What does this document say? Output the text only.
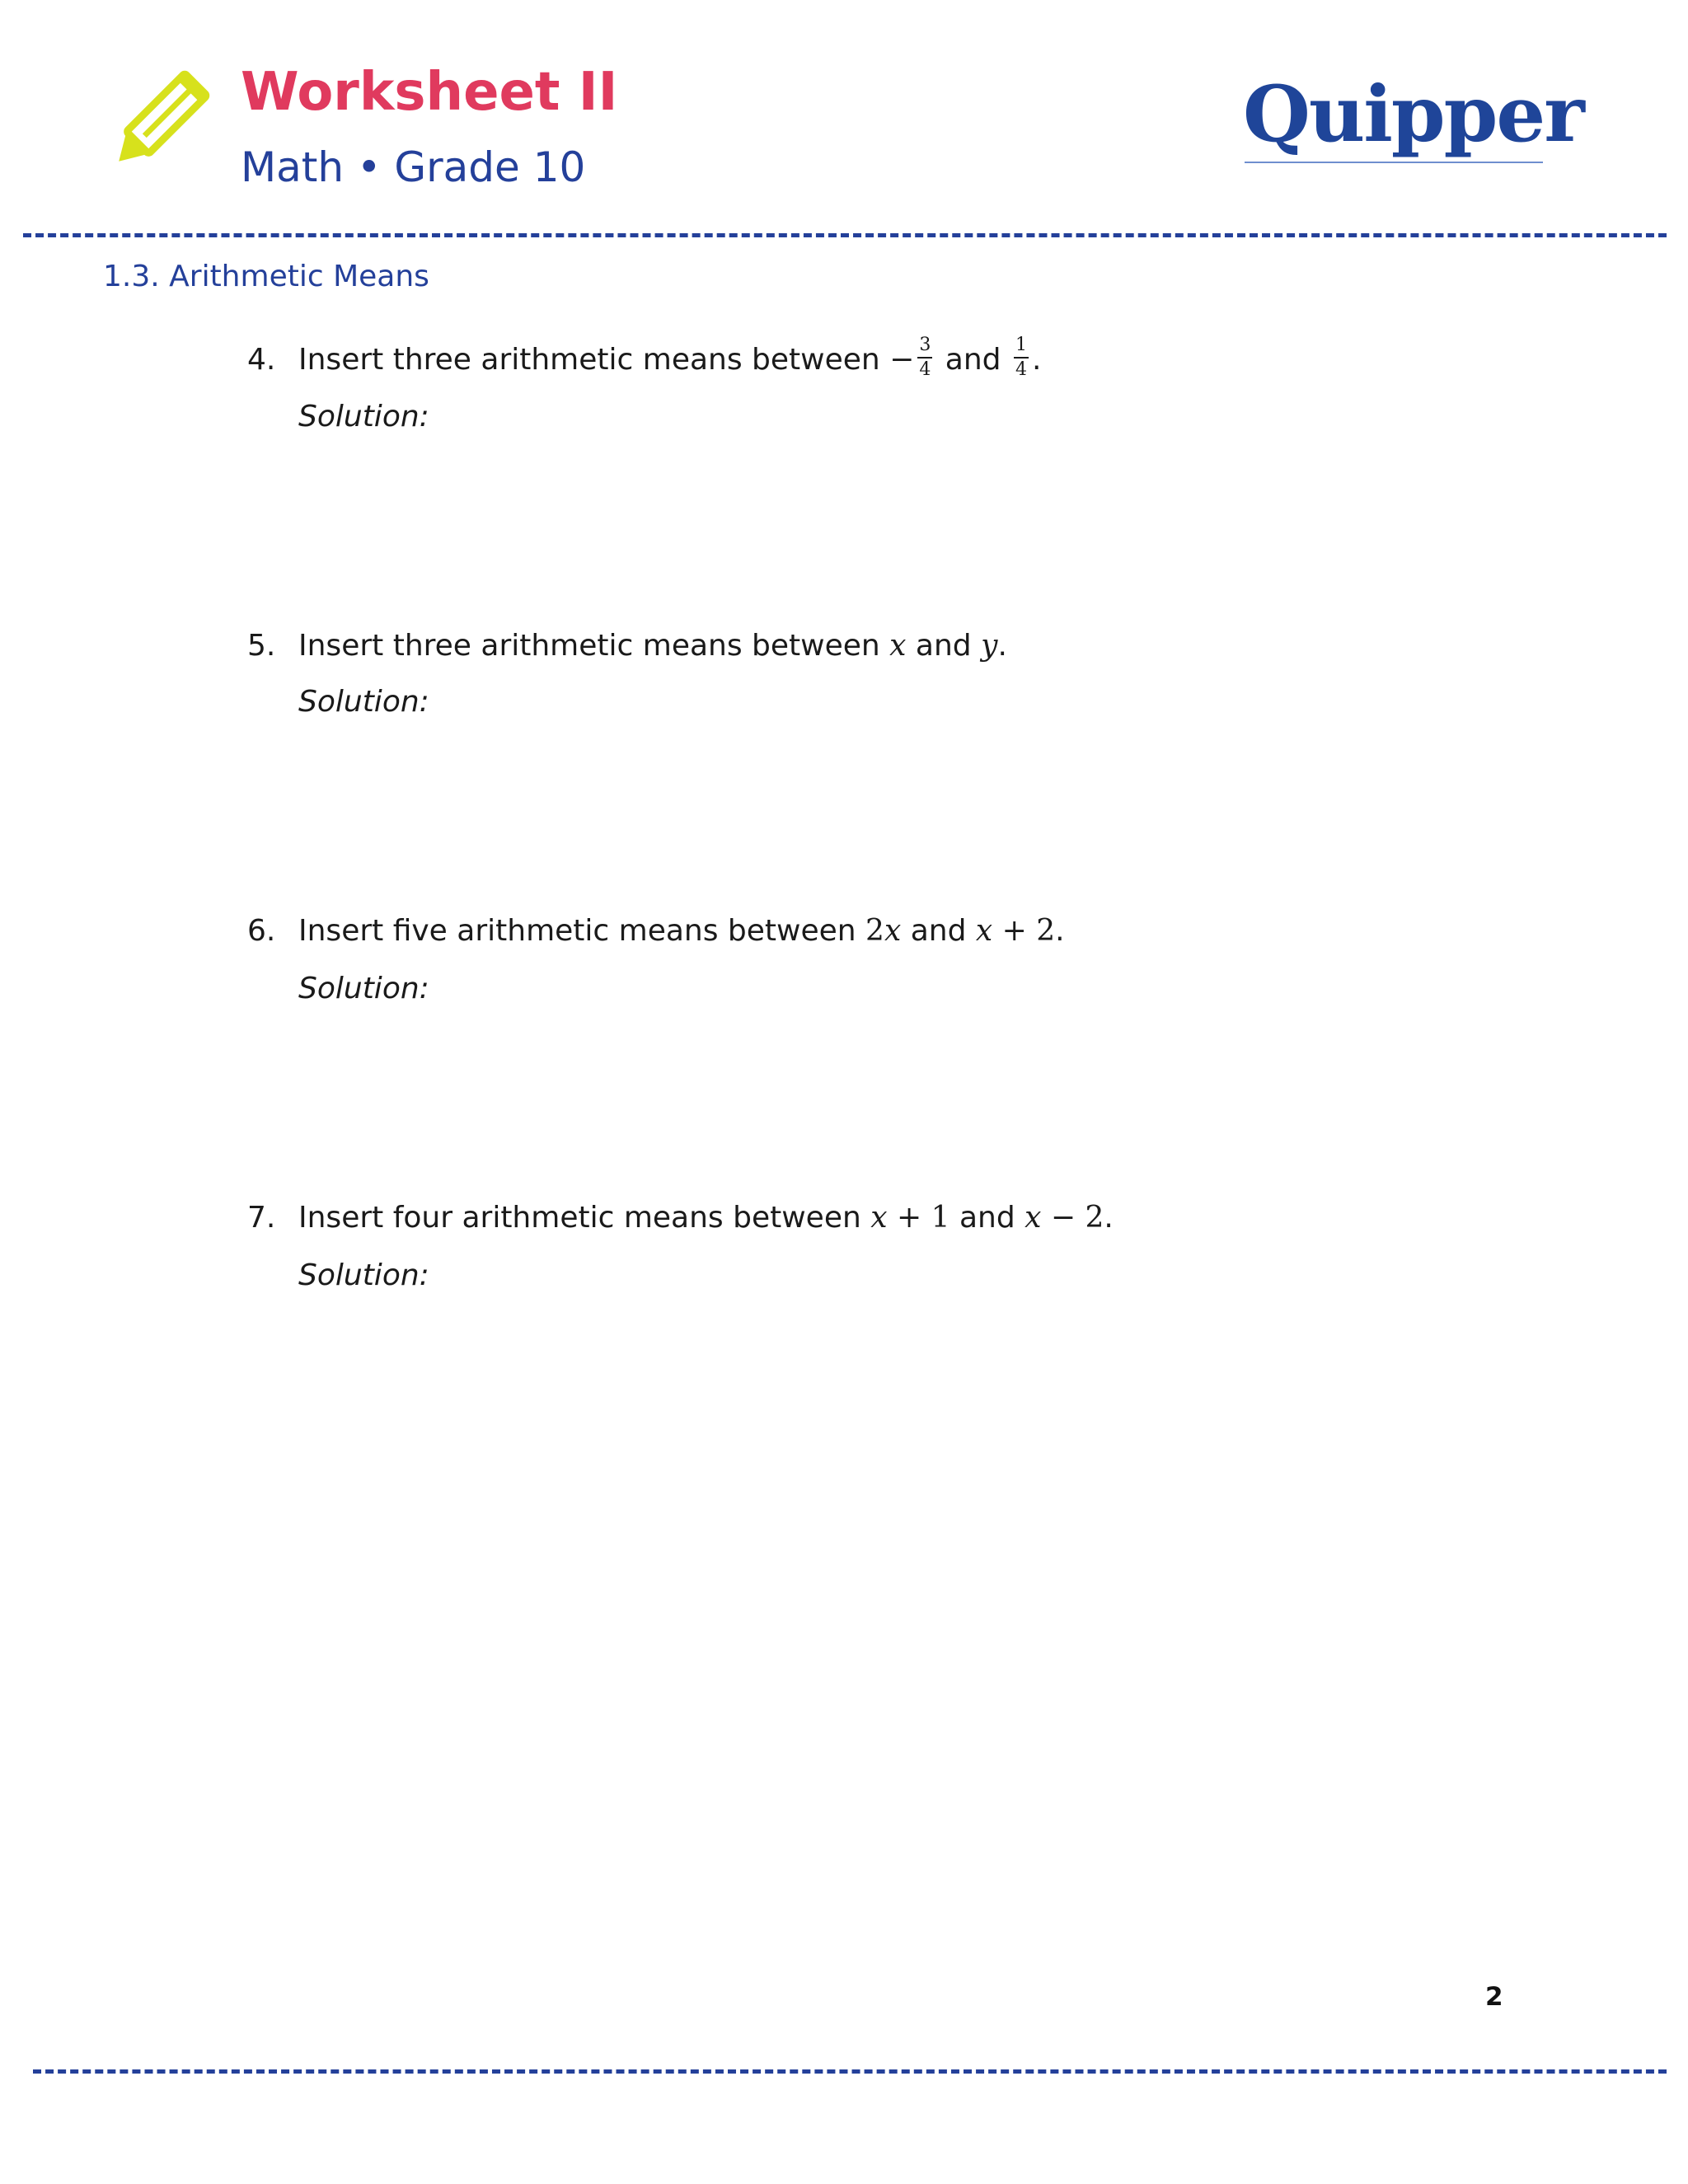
Worksheet II
Math • Grade 10
Quipper
1.3. Arithmetic Means
4. Insert three arithmetic means between − $\frac{3}{4}$ and $\frac{1}{4}$ .
Solution:
5. Insert three arithmetic means between x and y.
Solution:
6. Insert five arithmetic means between 2x and x + 2.
Solution:
7. Insert four arithmetic means between x + 1 and x − 2.
Solution:
2
